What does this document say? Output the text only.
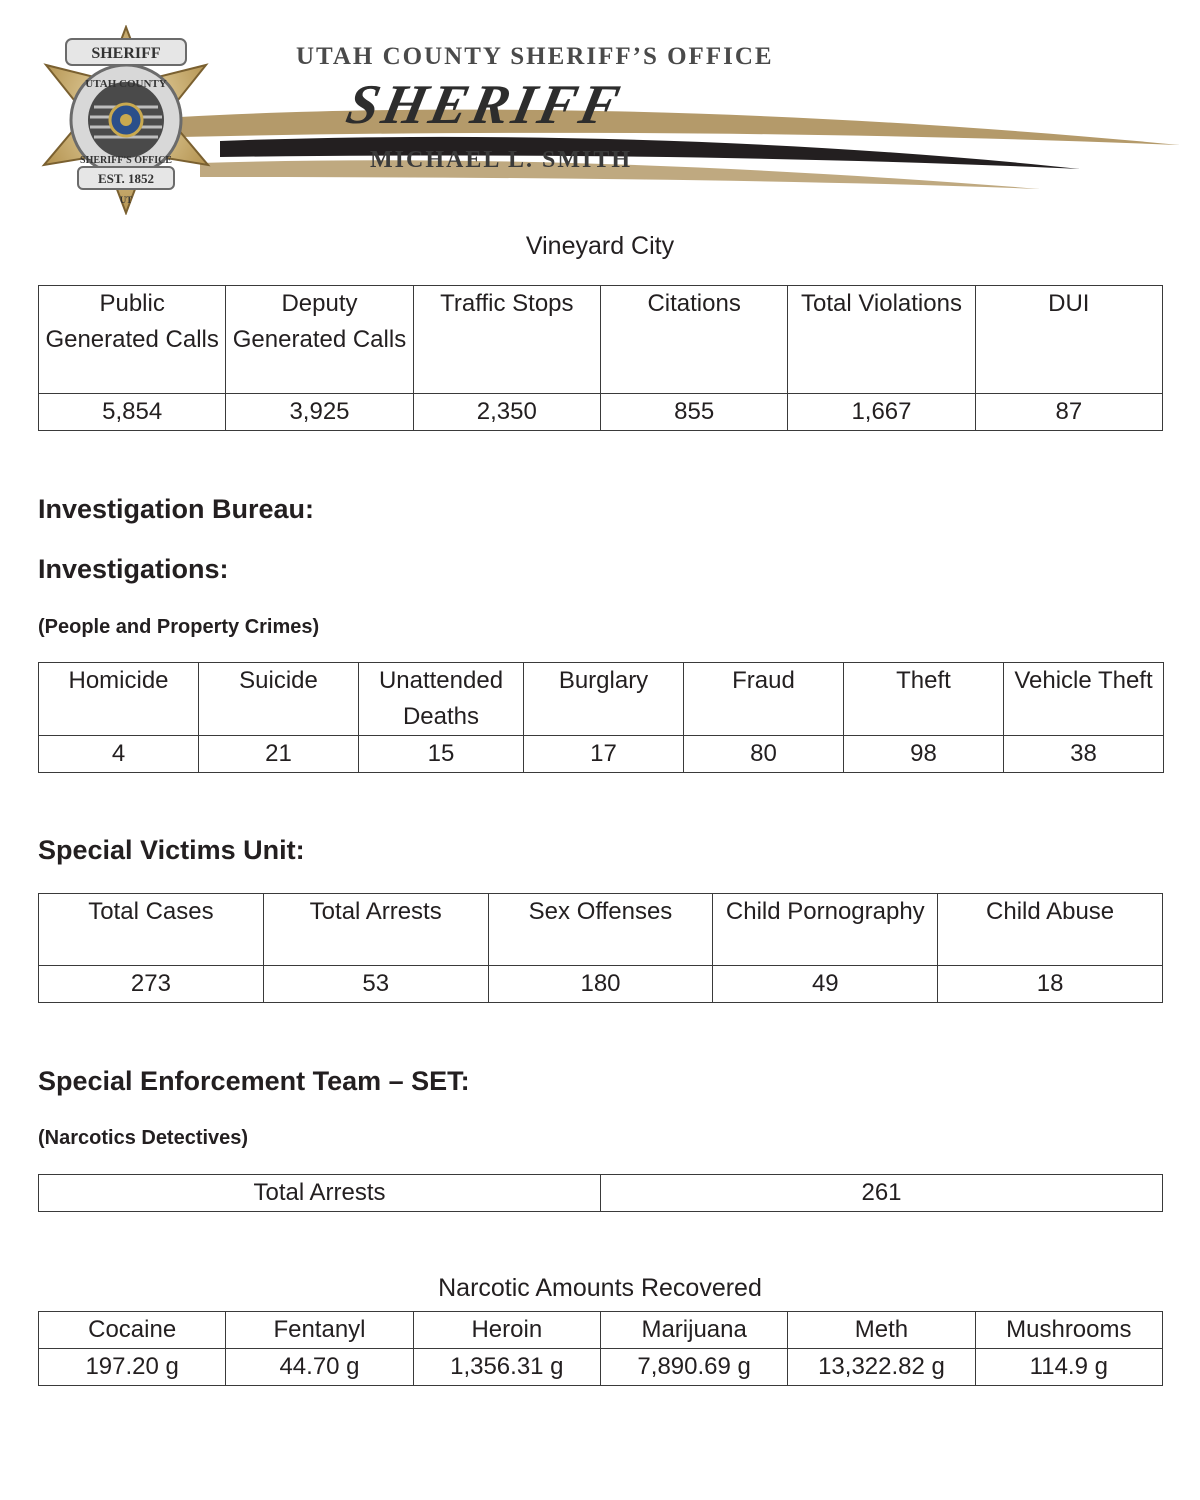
SHERIFF
UTAH COUNTY
SHERIFF'S OFFICE
EST. 1852
UT
UTAH COUNTY SHERIFF’S OFFICE
SHERIFF
MICHAEL L. SMITH
Vineyard City
Public Generated Calls	Deputy Generated Calls	Traffic Stops	Citations	Total Violations	DUI
5,854	3,925	2,350	855	1,667	87
Investigation Bureau:
Investigations:
(People and Property Crimes)
Homicide	Suicide	Unattended Deaths	Burglary	Fraud	Theft	Vehicle Theft
4	21	15	17	80	98	38
Special Victims Unit:
Total Cases	Total Arrests	Sex Offenses	Child Pornography	Child Abuse
273	53	180	49	18
Special Enforcement Team – SET:
(Narcotics Detectives)
Total Arrests	261
Narcotic Amounts Recovered
Cocaine	Fentanyl	Heroin	Marijuana	Meth	Mushrooms
197.20 g	44.70 g	1,356.31 g	7,890.69 g	13,322.82 g	114.9 g
